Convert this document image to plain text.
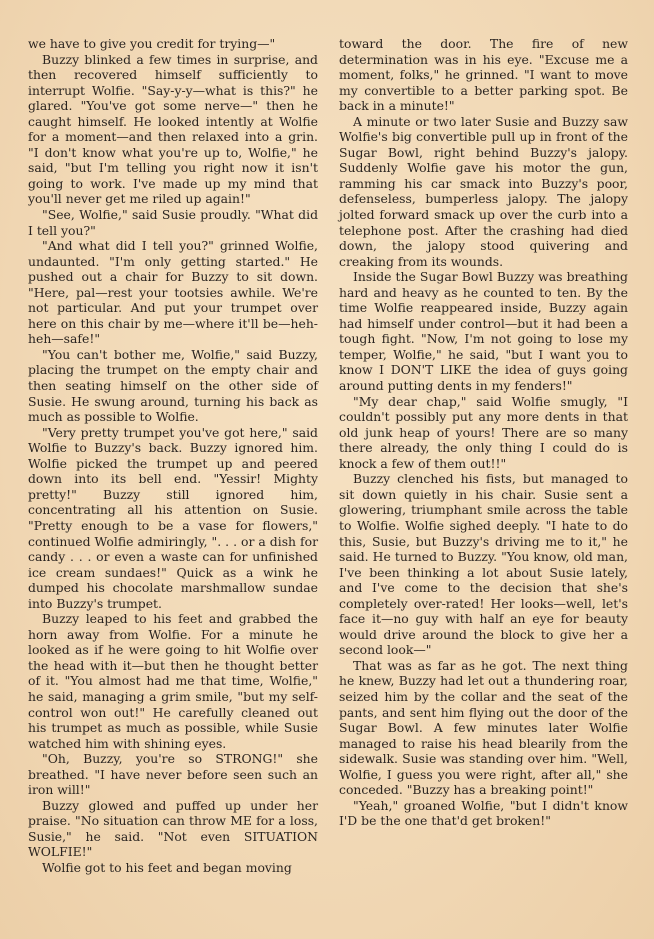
we have to give you credit for trying—"

Buzzy blinked a few times in surprise, and then recovered himself sufficiently to interrupt Wolfie. "Say-y-y—what is this?" he glared. "You've got some nerve—" then he caught himself. He looked intently at Wolfie for a moment—and then relaxed into a grin. "I don't know what you're up to, Wolfie," he said, "but I'm telling you right now it isn't going to work. I've made up my mind that you'll never get me riled up again!"

"See, Wolfie," said Susie proudly. "What did I tell you?"

"And what did I tell you?" grinned Wolfie, undaunted. "I'm only getting started." He pushed out a chair for Buzzy to sit down. "Here, pal—rest your tootsies awhile. We're not particular. And put your trumpet over here on this chair by me—where it'll be—heh-heh—safe!"

"You can't bother me, Wolfie," said Buzzy, placing the trumpet on the empty chair and then seating himself on the other side of Susie. He swung around, turning his back as much as possible to Wolfie.

"Very pretty trumpet you've got here," said Wolfie to Buzzy's back. Buzzy ignored him. Wolfie picked the trumpet up and peered down into its bell end. "Yessir! Mighty pretty!" Buzzy still ignored him, concentrating all his attention on Susie. "Pretty enough to be a vase for flowers," continued Wolfie admiringly, ". . . or a dish for candy . . . or even a waste can for unfinished ice cream sundaes!" Quick as a wink he dumped his chocolate marshmallow sundae into Buzzy's trumpet.

Buzzy leaped to his feet and grabbed the horn away from Wolfie. For a minute he looked as if he were going to hit Wolfie over the head with it—but then he thought better of it. "You almost had me that time, Wolfie," he said, managing a grim smile, "but my self-control won out!" He carefully cleaned out his trumpet as much as possible, while Susie watched him with shining eyes.

"Oh, Buzzy, you're so STRONG!" she breathed. "I have never before seen such an iron will!"

Buzzy glowed and puffed up under her praise. "No situation can throw ME for a loss, Susie," he said. "Not even SITUATION WOLFIE!"

Wolfie got to his feet and began moving

toward the door. The fire of new determination was in his eye. "Excuse me a moment, folks," he grinned. "I want to move my convertible to a better parking spot. Be back in a minute!"

A minute or two later Susie and Buzzy saw Wolfie's big convertible pull up in front of the Sugar Bowl, right behind Buzzy's jalopy. Suddenly Wolfie gave his motor the gun, ramming his car smack into Buzzy's poor, defenseless, bumperless jalopy. The jalopy jolted forward smack up over the curb into a telephone post. After the crashing had died down, the jalopy stood quivering and creaking from its wounds.

Inside the Sugar Bowl Buzzy was breathing hard and heavy as he counted to ten. By the time Wolfie reappeared inside, Buzzy again had himself under control—but it had been a tough fight. "Now, I'm not going to lose my temper, Wolfie," he said, "but I want you to know I DON'T LIKE the idea of guys going around putting dents in my fenders!"

"My dear chap," said Wolfie smugly, "I couldn't possibly put any more dents in that old junk heap of yours! There are so many there already, the only thing I could do is knock a few of them out!!"

Buzzy clenched his fists, but managed to sit down quietly in his chair. Susie sent a glowering, triumphant smile across the table to Wolfie. Wolfie sighed deeply. "I hate to do this, Susie, but Buzzy's driving me to it," he said. He turned to Buzzy. "You know, old man, I've been thinking a lot about Susie lately, and I've come to the decision that she's completely over-rated! Her looks—well, let's face it—no guy with half an eye for beauty would drive around the block to give her a second look—"

That was as far as he got. The next thing he knew, Buzzy had let out a thundering roar, seized him by the collar and the seat of the pants, and sent him flying out the door of the Sugar Bowl. A few minutes later Wolfie managed to raise his head blearily from the sidewalk. Susie was standing over him. "Well, Wolfie, I guess you were right, after all," she conceded. "Buzzy has a breaking point!"

"Yeah," groaned Wolfie, "but I didn't know I'D be the one that'd get broken!"
